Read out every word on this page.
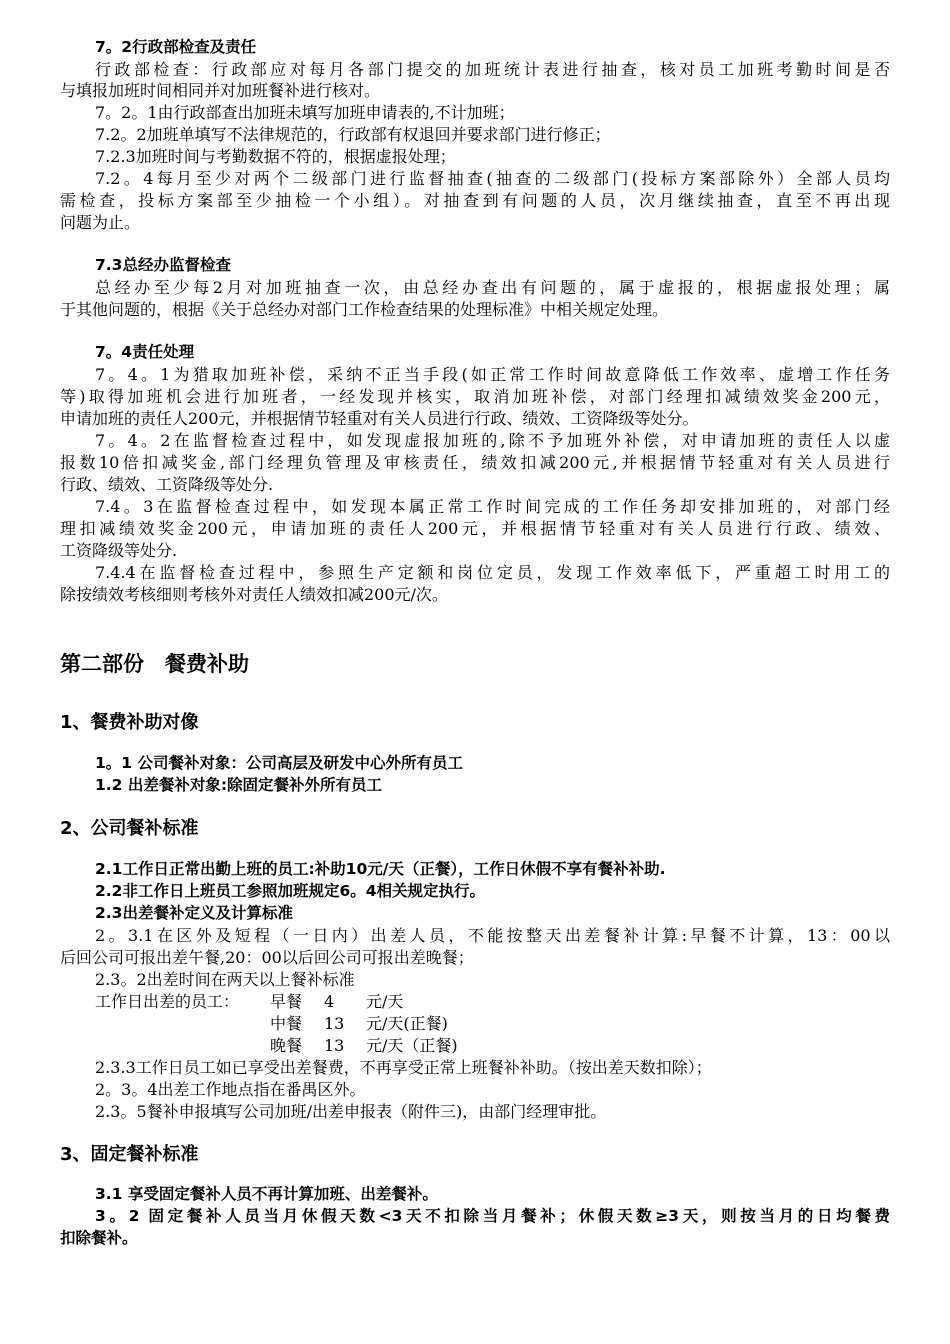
7。2行政部检查及责任
行政部检查：行政部应对每月各部门提交的加班统计表进行抽查，核对员工加班考勤时间是否
与填报加班时间相同并对加班餐补进行核对。
7。2。1由行政部查出加班未填写加班申请表的,不计加班；
7.2。2加班单填写不法律规范的，行政部有权退回并要求部门进行修正；
7.2.3加班时间与考勤数据不符的，根据虚报处理；
7.2。4每月至少对两个二级部门进行监督抽查(抽查的二级部门(投标方案部除外）全部人员均
需检查，投标方案部至少抽检一个小组）。对抽查到有问题的人员，次月继续抽查，直至不再出现
问题为止。
7.3总经办监督检查
总经办至少每2月对加班抽查一次，由总经办查出有问题的，属于虚报的，根据虚报处理；属
于其他问题的，根据《关于总经办对部门工作检查结果的处理标准》中相关规定处理。
7。4责任处理
7。4。1为猎取加班补偿，采纳不正当手段(如正常工作时间故意降低工作效率、虚增工作任务
等)取得加班机会进行加班者，一经发现并核实，取消加班补偿，对部门经理扣减绩效奖金200元，
申请加班的责任人200元，并根据情节轻重对有关人员进行行政、绩效、工资降级等处分。
7。4。2在监督检查过程中，如发现虚报加班的,除不予加班外补偿，对申请加班的责任人以虚
报数10倍扣减奖金,部门经理负管理及审核责任，绩效扣减200元,并根据情节轻重对有关人员进行
行政、绩效、工资降级等处分.
7.4。3在监督检查过程中，如发现本属正常工作时间完成的工作任务却安排加班的，对部门经
理扣减绩效奖金200元，申请加班的责任人200元，并根据情节轻重对有关人员进行行政、绩效、
工资降级等处分.
7.4.4在监督检查过程中，参照生产定额和岗位定员，发现工作效率低下，严重超工时用工的
除按绩效考核细则考核外对责任人绩效扣减200元/次。
第二部份　餐费补助
1、餐费补助对像
1。1 公司餐补对象：公司高层及研发中心外所有员工
1.2 出差餐补对象:除固定餐补外所有员工
2、公司餐补标准
2.1工作日正常出勤上班的员工:补助10元/天（正餐），工作日休假不享有餐补补助.
2.2非工作日上班员工参照加班规定6。4相关规定执行。
2.3出差餐补定义及计算标准
2。3.1在区外及短程（一日内）出差人员，不能按整天出差餐补计算:早餐不计算，13：00以
后回公司可报出差午餐,20：00以后回公司可报出差晚餐；
2.3。2出差时间在两天以上餐补标准
工作日出差的员工：	早餐 4 元/天
中餐 13 元/天(正餐)
晚餐 13 元/天（正餐)
2.3.3工作日员工如已享受出差餐费，不再享受正常上班餐补补助。（按出差天数扣除）；
2。3。4出差工作地点指在番禺区外。
2.3。5餐补申报填写公司加班/出差申报表（附件三)，由部门经理审批。
3、固定餐补标准
3.1 享受固定餐补人员不再计算加班、出差餐补。
3。2 固定餐补人员当月休假天数<3天不扣除当月餐补；休假天数≥3天，则按当月的日均餐费
扣除餐补。
